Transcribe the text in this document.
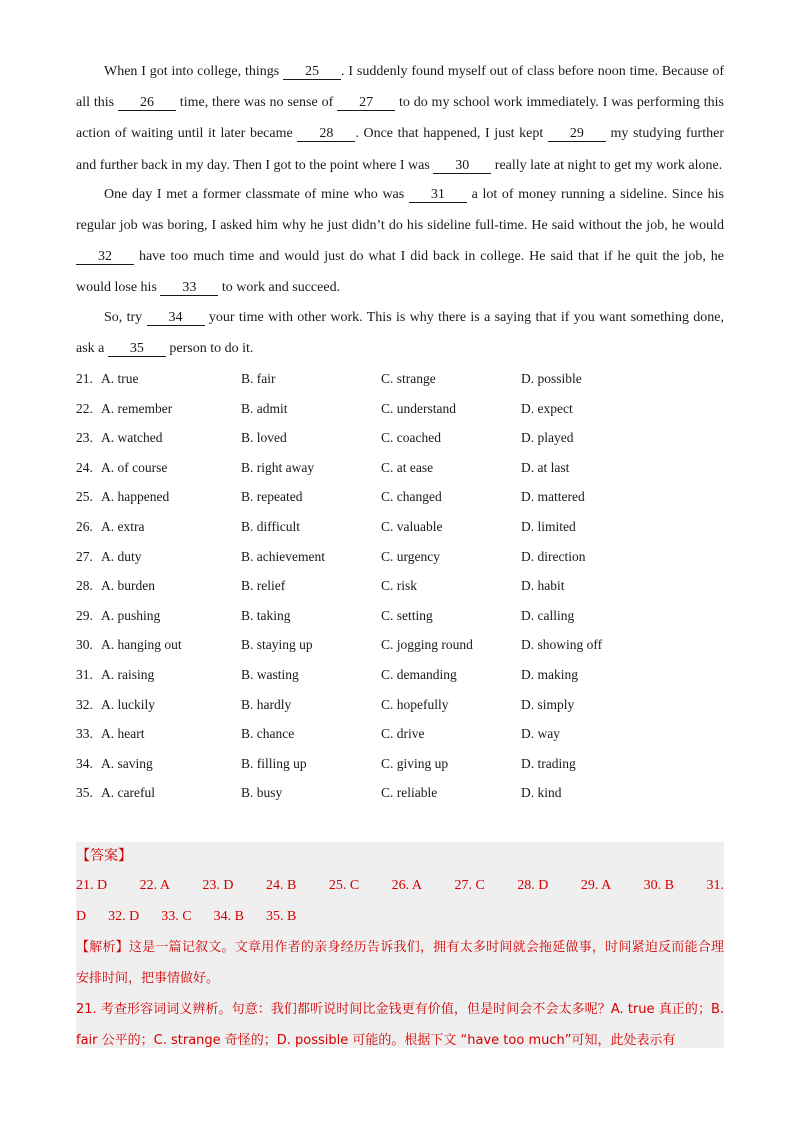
When I got into college, things 25 . I suddenly found myself out of class before noon time. Because of all this 26 time, there was no sense of 27 to do my school work immediately. I was performing this action of waiting until it later became 28 . Once that happened, I just kept 29 my studying further and further back in my day. Then I got to the point where I was 30 really late at night to get my work alone.

One day I met a former classmate of mine who was 31 a lot of money running a sideline. Since his regular job was boring, I asked him why he just didn’t do his sideline full-time. He said without the job, he would 32 have too much time and would just do what I did back in college. He said that if he quit the job, he would lose his 33 to work and succeed.

So, try 34 your time with other work. This is why there is a saying that if you want something done, ask a 35 person to do it.

21. A. true	B. fair	C. strange	D. possible
22. A. remember	B. admit	C. understand	D. expect
23. A. watched	B. loved	C. coached	D. played
24. A. of course	B. right away	C. at ease	D. at last
25. A. happened	B. repeated	C. changed	D. mattered
26. A. extra	B. difficult	C. valuable	D. limited
27. A. duty	B. achievement	C. urgency	D. direction
28. A. burden	B. relief	C. risk	D. habit
29. A. pushing	B. taking	C. setting	D. calling
30. A. hanging out	B. staying up	C. jogging round	D. showing off
31. A. raising	B. wasting	C. demanding	D. making
32. A. luckily	B. hardly	C. hopefully	D. simply
33. A. heart	B. chance	C. drive	D. way
34. A. saving	B. filling up	C. giving up	D. trading
35. A. careful	B. busy	C. reliable	D. kind
【答案】
21. D 22. A 23. D 24. B 25. C 26. A 27. C 28. D 29. A 30. B 31.
D 32. D 33. C 34. B 35. B
【解析】这是一篇记叙文。文章用作者的亲身经历告诉我们，拥有太多时间就会拖延做事，时间紧迫反而能合理安排时间，把事情做好。
21. 考查形容词词义辨析。句意：我们都听说时间比金钱更有价值，但是时间会不会太多呢？A. true 真正的；B. fair 公平的；C. strange 奇怪的；D. possible 可能的。根据下文 “have too much”可知，此处表示有
